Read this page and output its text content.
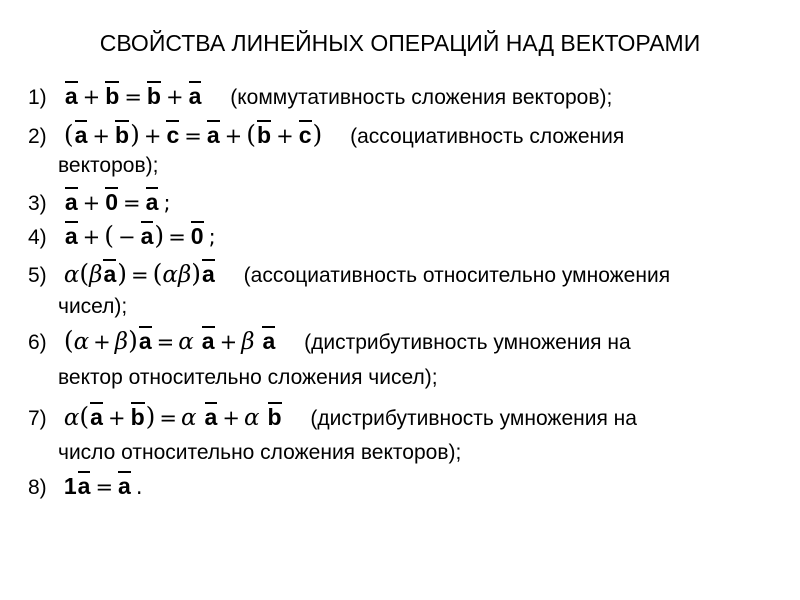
СВОЙСТВА ЛИНЕЙНЫХ ОПЕРАЦИЙ НАД ВЕКТОРАМИ
1) a + b = b + a (коммутативность сложения векторов);
2) (a + b) + c = a + (b + c) (ассоциативность сложения
векторов);
3) a + 0 = a ;
4) a + ( − a) = 0 ;
5) α(βa) = (αβ)a (ассоциативность относительно умножения
чисел);
6) (α + β)a = α a + β a (дистрибутивность умножения на
вектор относительно сложения чисел);
7) α(a + b) = α a + α b (дистрибутивность умножения на
число относительно сложения векторов);
8) 1a = a .
